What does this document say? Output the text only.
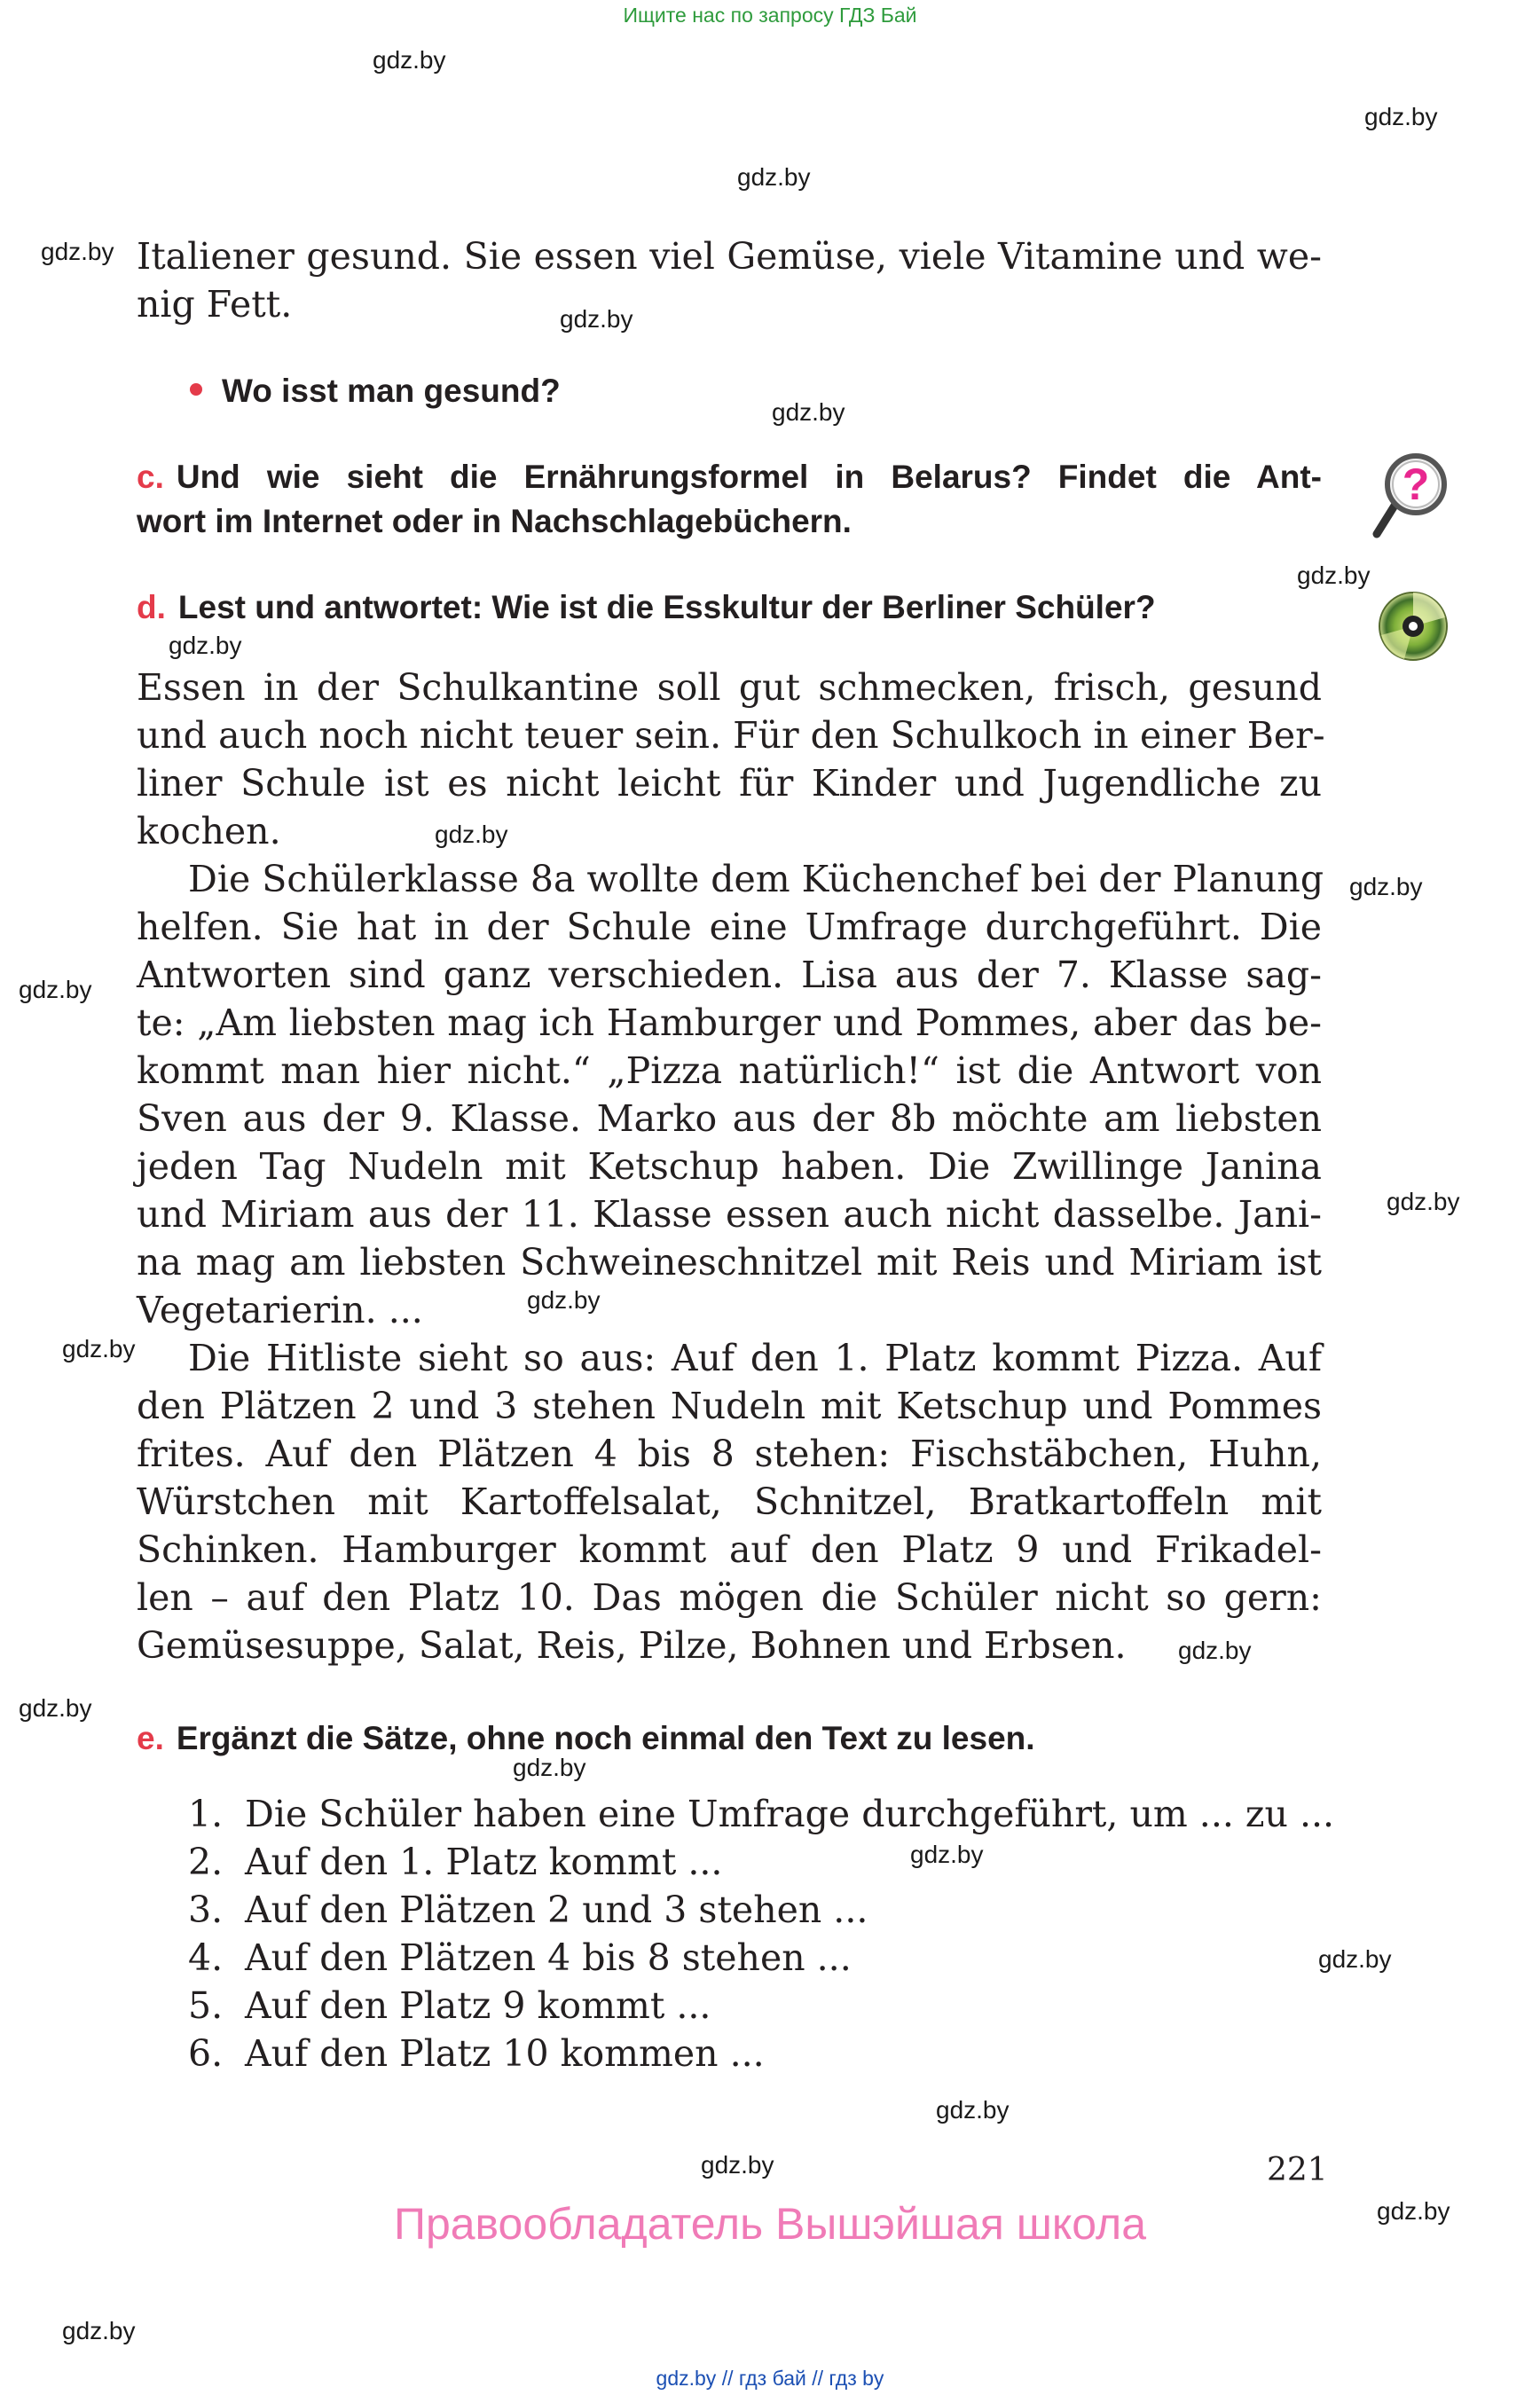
Ищите нас по запросу ГДЗ Бай
gdz.by
gdz.by
gdz.by
gdz.by
gdz.by
gdz.by
gdz.by
gdz.by
gdz.by
gdz.by
gdz.by
gdz.by
gdz.by
gdz.by
gdz.by
gdz.by
gdz.by
gdz.by
gdz.by
gdz.by
gdz.by
gdz.by
gdz.by
Italiener gesund. Sie essen viel Gemüse, viele Vitamine und we-
nig Fett.
Wo isst man gesund?
c. Und wie sieht die Ernährungsformel in Belarus? Findet die Ant-
wort im Internet oder in Nachschlagebüchern.
?
d. Lest und antwortet: Wie ist die Esskultur der Berliner Schüler?
Essen in der Schulkantine soll gut schmecken, frisch, gesund
und auch noch nicht teuer sein. Für den Schulkoch in einer Ber-
liner Schule ist es nicht leicht für Kinder und Jugendliche zu
kochen.
Die Schülerklasse 8a wollte dem Küchenchef bei der Planung
helfen. Sie hat in der Schule eine Umfrage durchgeführt. Die
Antworten sind ganz verschieden. Lisa aus der 7. Klasse sag-
te: „Am liebsten mag ich Hamburger und Pommes, aber das be-
kommt man hier nicht.“ „Pizza natürlich!“ ist die Antwort von
Sven aus der 9. Klasse. Marko aus der 8b möchte am liebsten
jeden Tag Nudeln mit Ketschup haben. Die Zwillinge Janina
und Miriam aus der 11. Klasse essen auch nicht dasselbe. Jani-
na mag am liebsten Schweineschnitzel mit Reis und Miriam ist
Vegetarierin. ...
Die Hitliste sieht so aus: Auf den 1. Platz kommt Pizza. Auf
den Plätzen 2 und 3 stehen Nudeln mit Ketschup und Pommes
frites. Auf den Plätzen 4 bis 8 stehen: Fischstäbchen, Huhn,
Würstchen mit Kartoffelsalat, Schnitzel, Bratkartoffeln mit
Schinken. Hamburger kommt auf den Platz 9 und Frikadel-
len – auf den Platz 10. Das mögen die Schüler nicht so gern:
Gemüsesuppe, Salat, Reis, Pilze, Bohnen und Erbsen.
e. Ergänzt die Sätze, ohne noch einmal den Text zu lesen.
1. Die Schüler haben eine Umfrage durchgeführt, um ... zu ...
2. Auf den 1. Platz kommt ...
3. Auf den Plätzen 2 und 3 stehen ...
4. Auf den Plätzen 4 bis 8 stehen ...
5. Auf den Platz 9 kommt ...
6. Auf den Platz 10 kommen ...
221
Правообладатель Вышэйшая школа
gdz.by // гдз бай // гдз by
